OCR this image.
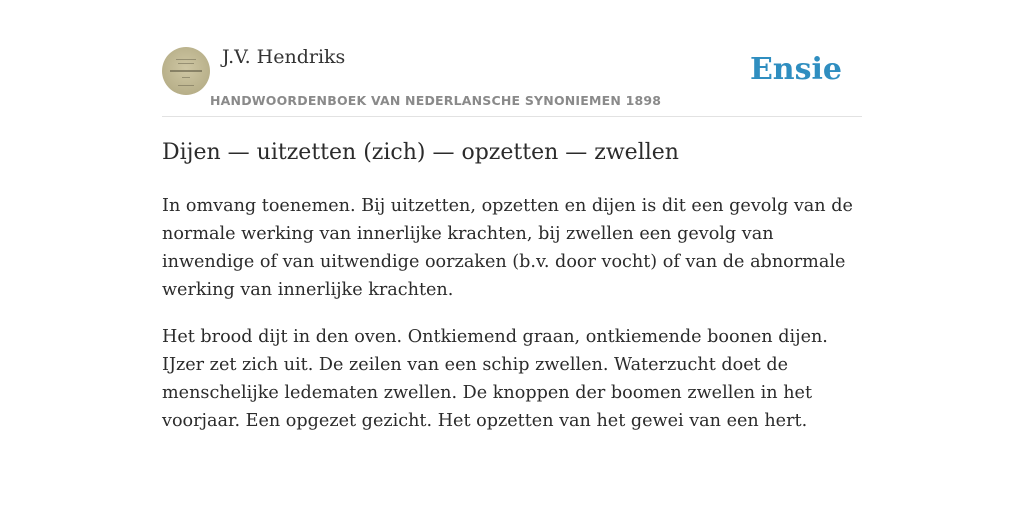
J.V. Hendriks
HANDWOORDENBOEK VAN NEDERLANSCHE SYNONIEMEN 1898
Ensie
Dijen — uitzetten (zich) — opzetten — zwellen

In omvang toenemen. Bij uitzetten, opzetten en dijen is dit een gevolg van de normale werking van innerlijke krachten, bij zwellen een gevolg van inwendige of van uitwendige oorzaken (b.v. door vocht) of van de abnormale werking van innerlijke krachten.

Het brood dijt in den oven. Ontkiemend graan, ontkiemende boonen dijen. IJzer zet zich uit. De zeilen van een schip zwellen. Waterzucht doet de menschelijke ledematen zwellen. De knoppen der boomen zwellen in het voorjaar. Een opgezet gezicht. Het opzetten van het gewei van een hert.
